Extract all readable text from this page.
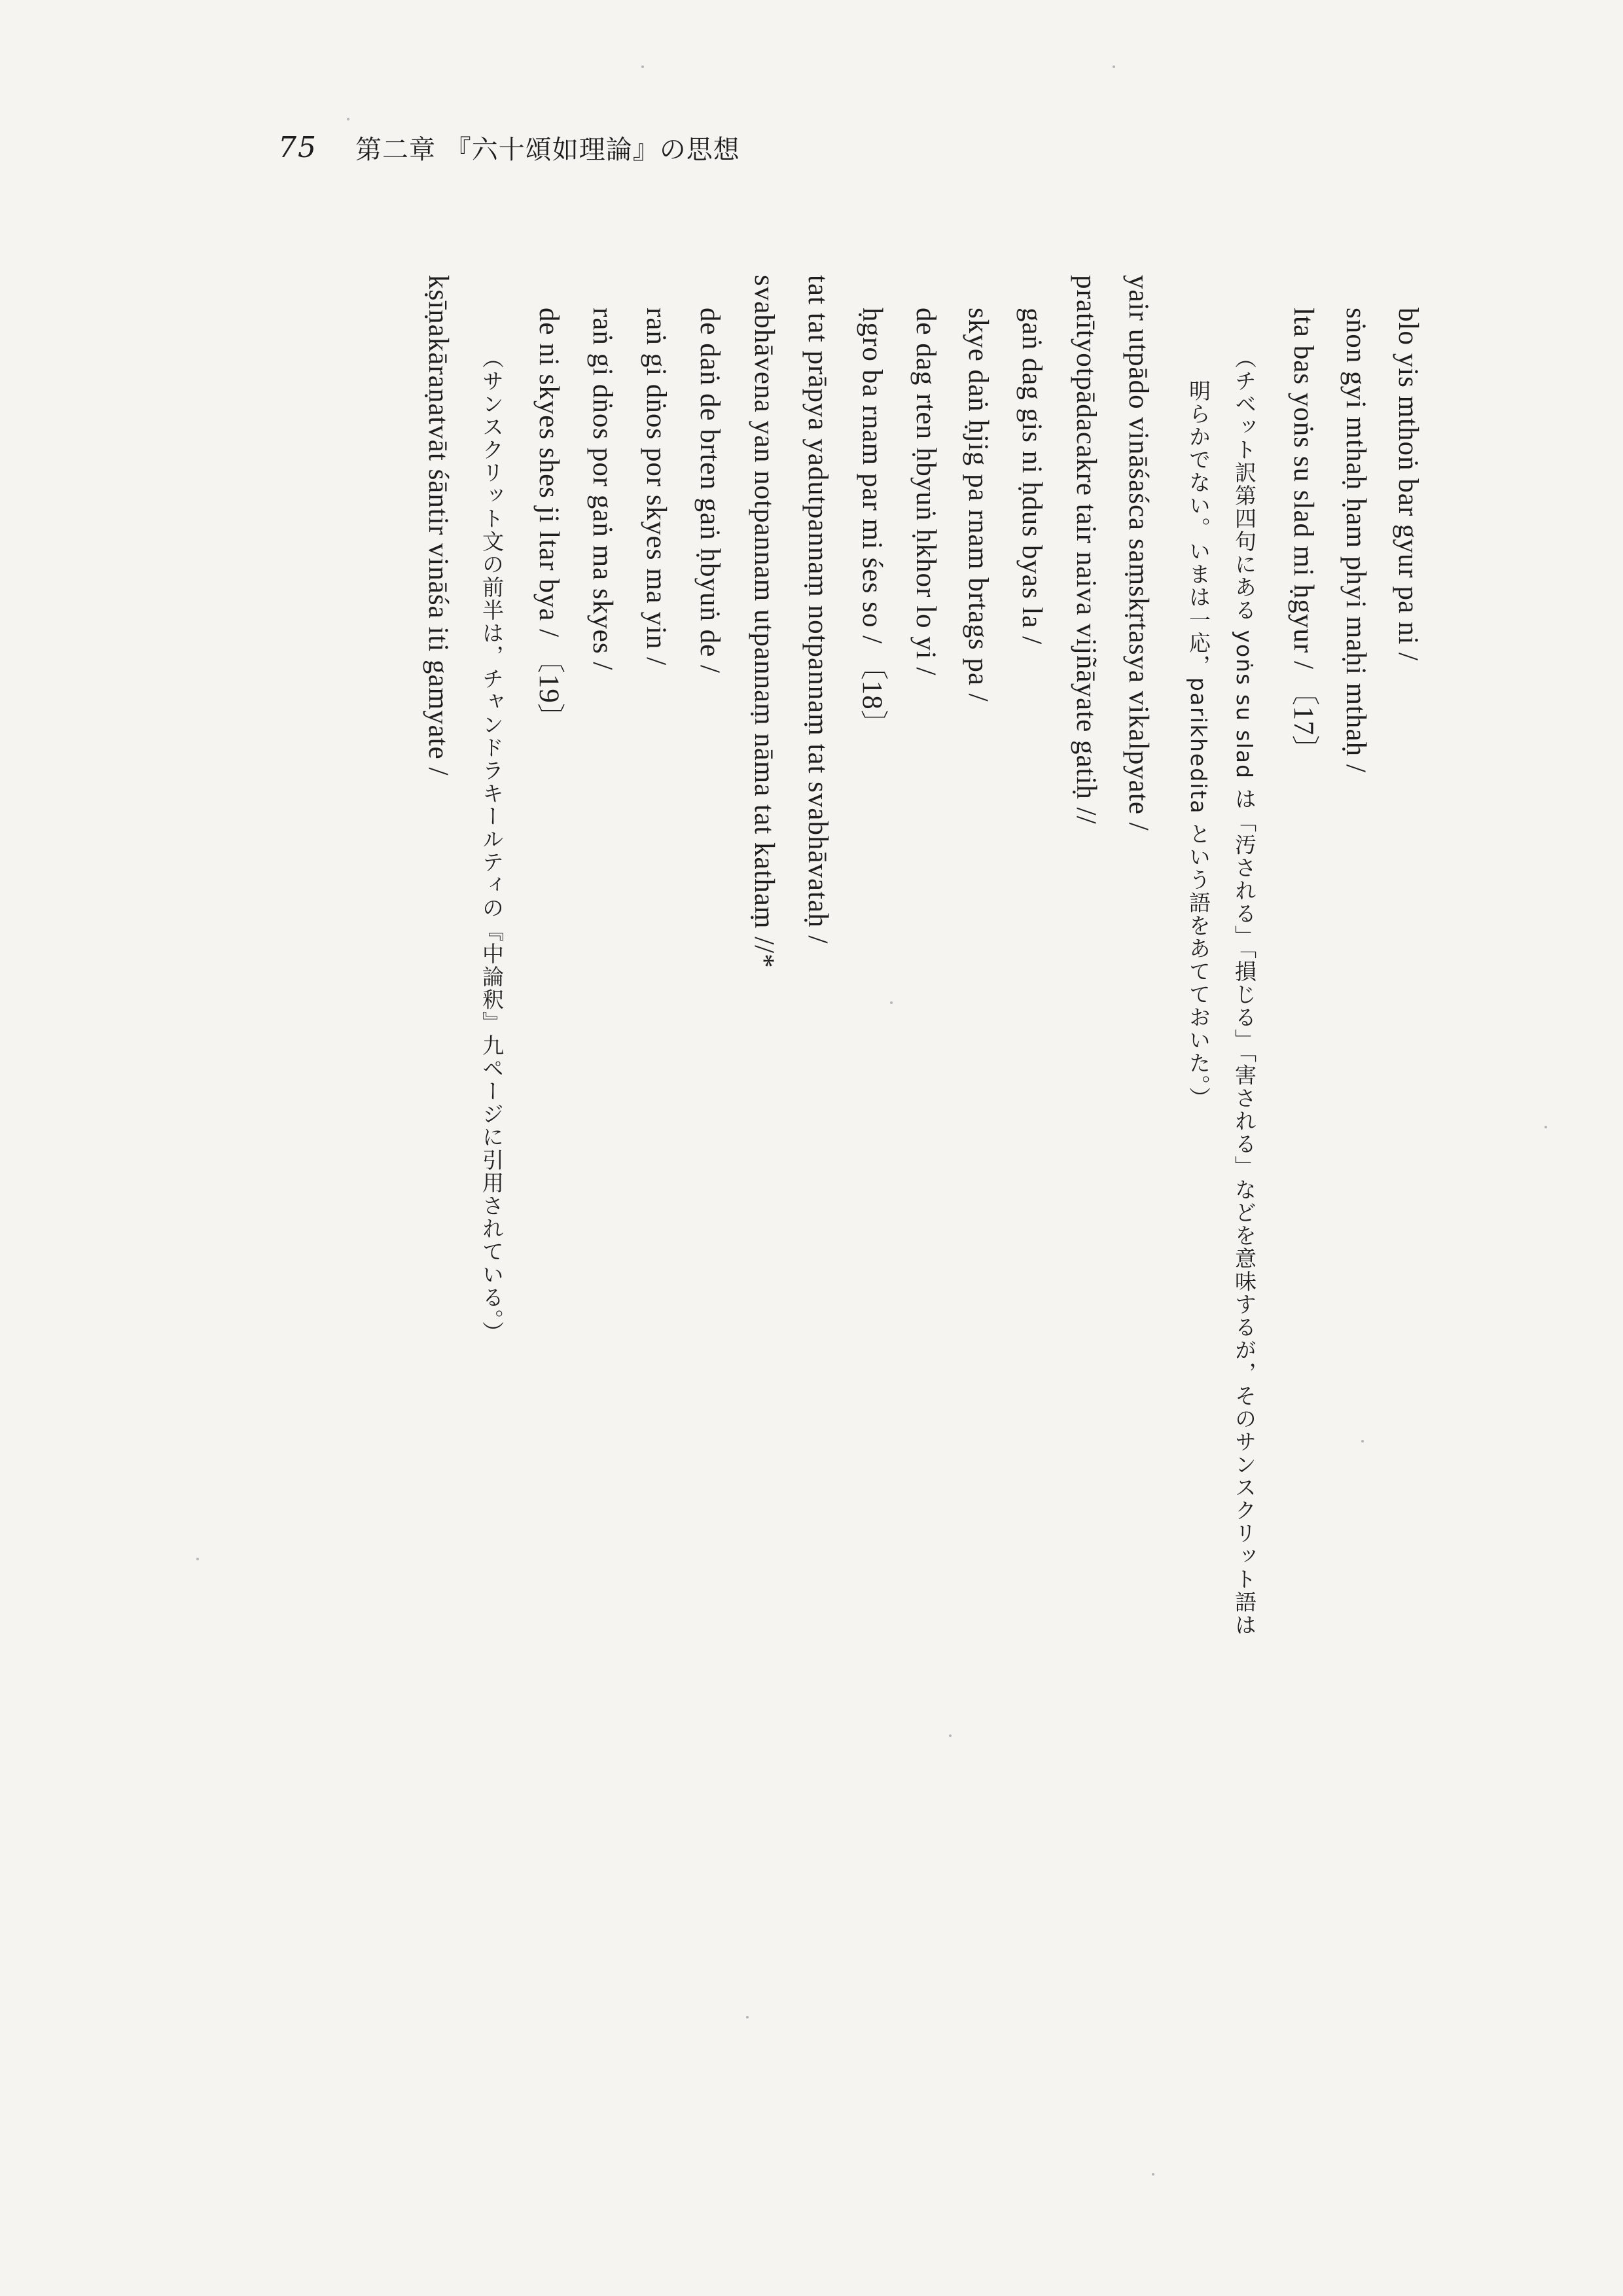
75 第二章 『六十頌如理論』の思想
blo yis mthoṅ bar gyur pa ni /
sṅon gyi mthaḥ ḥam phyi maḥi mthaḥ /
lta bas yoṅs su slad mi ḥgyur / 〔17〕
（チベット訳第四句にある yoṅs su slad は「汚される」「損じる」「害される」などを意味するが，そのサンスクリット語は
明らかでない。いまは一応，parikhedita という語をあてておいた。）
yair utpādo vināśaśca saṃskṛtasya vikalpyate /
pratītyotpādacakre tair naiva vijñāyate gatiḥ //
gaṅ dag gis ni ḥdus byas la /
skye daṅ ḥjig pa rnam brtags pa /
de dag rten ḥbyuṅ ḥkhor lo yi /
ḥgro ba rnam par mi śes so / 〔18〕
tat tat prāpya yadutpannaṃ notpannaṃ tat svabhāvataḥ /
svabhāvena yan notpannam utpannaṃ nāma tat kathaṃ //*
de daṅ de brten gaṅ ḥbyuṅ de /
raṅ gi dṅos por skyes ma yin /
raṅ gi dṅos por gaṅ ma skyes /
de ni skyes shes ji ltar bya / 〔19〕
（サンスクリット文の前半は，チャンドラキールティの『中論釈』九ページに引用されている。）
kṣīṇakāraṇatvāt śāntir vināśa iti gamyate /
